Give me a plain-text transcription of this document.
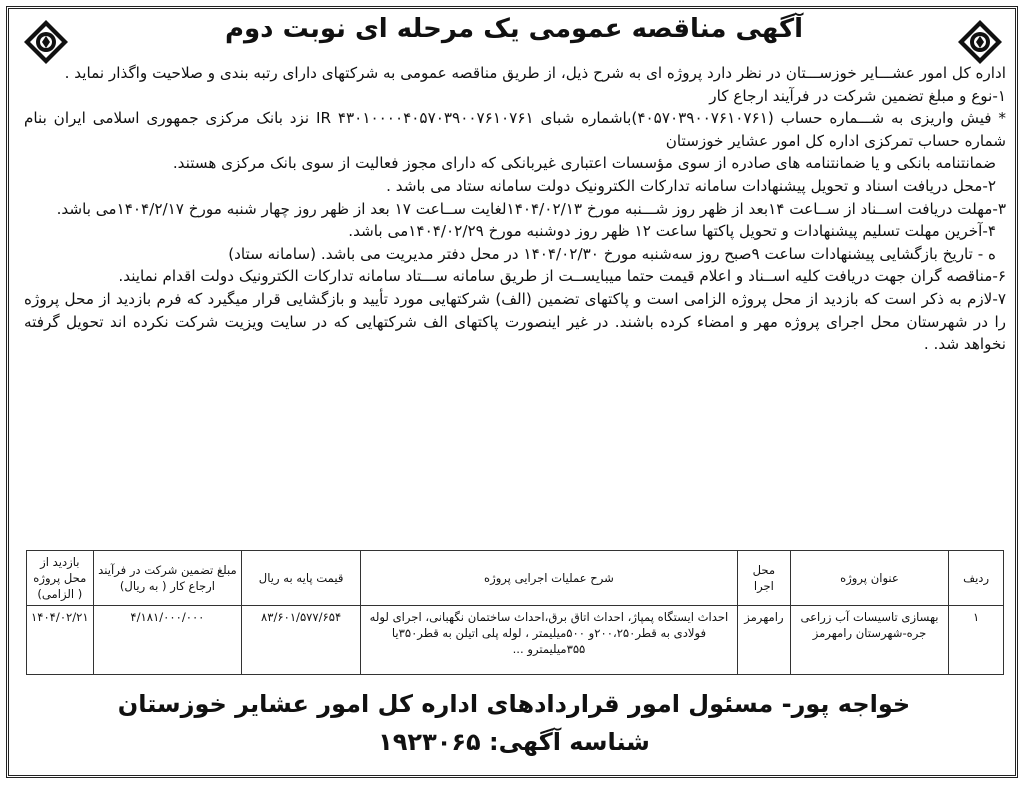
آگهی مناقصه عمومی یک مرحله ای نوبت دوم

اداره کل امور عشـــایر خوزســـتان در نظر دارد پروژه ای به شرح ذیل، از طریق مناقصه عمومی به شرکتهای دارای رتبه بندی و صلاحیت واگذار نماید .

۱-نوع و مبلغ تضمین شرکت در فرآیند ارجاع کار

* فیش واریزی به شـــماره حساب (۴۰۵۷۰۳۹۰۰۷۶۱۰۷۶۱)باشماره شبای IR ۴۳۰۱۰۰۰۰۴۰۵۷۰۳۹۰۰۷۶۱۰۷۶۱ نزد بانک مرکزی جمهوری اسلامی ایران بنام شماره حساب تمرکزی اداره کل امور عشایر خوزستان

ضمانتنامه بانکی و یا ضمانتنامه های صادره از سوی مؤسسات اعتباری غیربانکی که دارای مجوز فعالیت از سوی بانک مرکزی هستند.

۲-محل دریافت اسناد و تحویل پیشنهادات سامانه تدارکات الکترونیک دولت سامانه ستاد می باشد .

۳-مهلت دریافت اســناد از ســاعت ۱۴بعد از ظهر روز شـــنبه مورخ ۱۴۰۴/۰۲/۱۳لغایت ســاعت ۱۷ بعد از ظهر روز چهار شنبه مورخ ۱۴۰۴/۲/۱۷می باشد.

۴-آخرین مهلت تسلیم پیشنهادات و تحویل پاکتها ساعت ۱۲ ظهر روز دوشنبه مورخ ۱۴۰۴/۰۲/۲۹می باشد.

ه - تاریخ بازگشایی پیشنهادات ساعت ۹صبح روز سه‌شنبه مورخ ۱۴۰۴/۰۲/۳۰ در محل دفتر مدیریت می باشد. (سامانه ستاد)

۶-مناقصه گران جهت دریافت کلیه اســناد و اعلام قیمت حتما میبایســت از طریق سامانه ســـتاد سامانه تدارکات الکترونیک دولت اقدام نمایند.

۷-لازم به ذکر است که بازدید از محل پروژه الزامی است و پاکتهای تضمین (الف) شرکتهایی مورد تأیید و بازگشایی قرار میگیرد که فرم بازدید از محل پروژه را در شهرستان محل اجرای پروژه مهر و امضاء کرده باشند. در غیر اینصورت پاکتهای الف شرکتهایی که در سایت ویزیت شرکت نکرده اند تحویل گرفته نخواهد شد. .

ردیف	عنوان پروژه	محل اجرا	شرح عملیات اجرایی پروژه	قیمت پایه به ریال	مبلغ تضمین شرکت در فرآیند ارجاع کار ( به ریال)	بازدید از محل پروژه ( الزامی)
۱	بهسازی تاسیسات آب زراعی جره-شهرستان رامهرمز	رامهرمز	احداث ایستگاه پمپاژ، احداث اتاق برق،احداث ساختمان نگهبانی، اجرای لوله فولادی به قطر۲۰۰،۲۵۰و ۵۰۰میلیمتر ، لوله پلی اتیلن به قطر۳۵۰یا ۳۵۵میلیمترو ...	۸۳/۶۰۱/۵۷۷/۶۵۴	۴/۱۸۱/۰۰۰/۰۰۰	۱۴۰۴/۰۲/۲۱
خواجه پور- مسئول امور قراردادهای اداره کل امور عشایر خوزستان
شناسه آگهی: ۱۹۲۳۰۶۵
